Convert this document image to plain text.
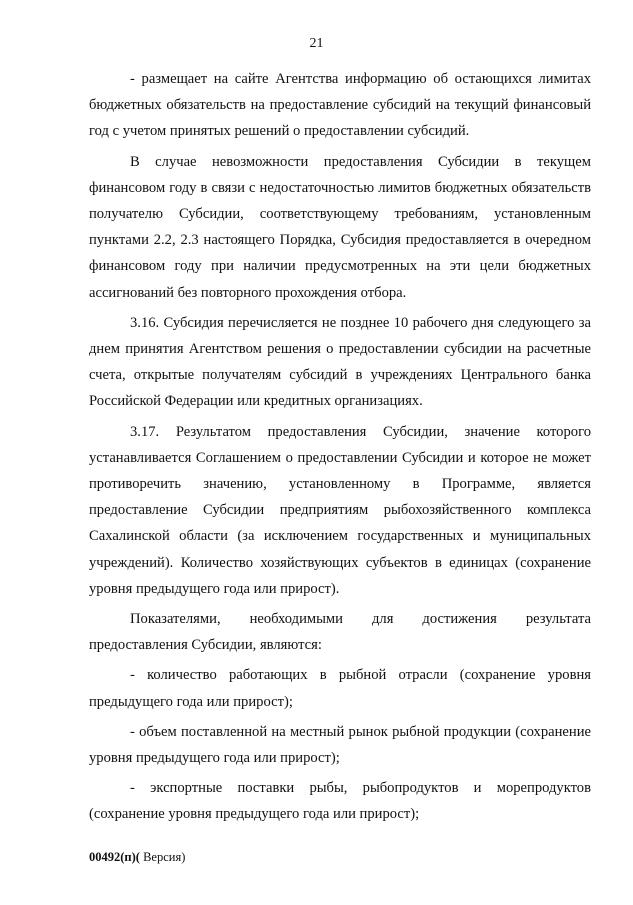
21

- размещает на сайте Агентства информацию об остающихся лимитах бюджетных обязательств на предоставление субсидий на текущий финансовый год с учетом принятых решений о предоставлении субсидий.

В случае невозможности предоставления Субсидии в текущем финансовом году в связи с недостаточностью лимитов бюджетных обязательств получателю Субсидии, соответствующему требованиям, установленным пунктами 2.2, 2.3 настоящего Порядка, Субсидия предоставляется в очередном финансовом году при наличии предусмотренных на эти цели бюджетных ассигнований без повторного прохождения отбора.

3.16. Субсидия перечисляется не позднее 10 рабочего дня следующего за днем принятия Агентством решения о предоставлении субсидии на расчетные счета, открытые получателям субсидий в учреждениях Центрального банка Российской Федерации или кредитных организациях.

3.17. Результатом предоставления Субсидии, значение которого устанавливается Соглашением о предоставлении Субсидии и которое не может противоречить значению, установленному в Программе, является предоставление Субсидии предприятиям рыбохозяйственного комплекса Сахалинской области (за исключением государственных и муниципальных учреждений). Количество хозяйствующих субъектов в единицах (сохранение уровня предыдущего года или прирост).

Показателями, необходимыми для достижения результата предоставления Субсидии, являются:

- количество работающих в рыбной отрасли (сохранение уровня предыдущего года или прирост);

- объем поставленной на местный рынок рыбной продукции (сохранение уровня предыдущего года или прирост);

- экспортные поставки рыбы, рыбопродуктов и морепродуктов (сохранение уровня предыдущего года или прирост);

00492(п)( Версия)
